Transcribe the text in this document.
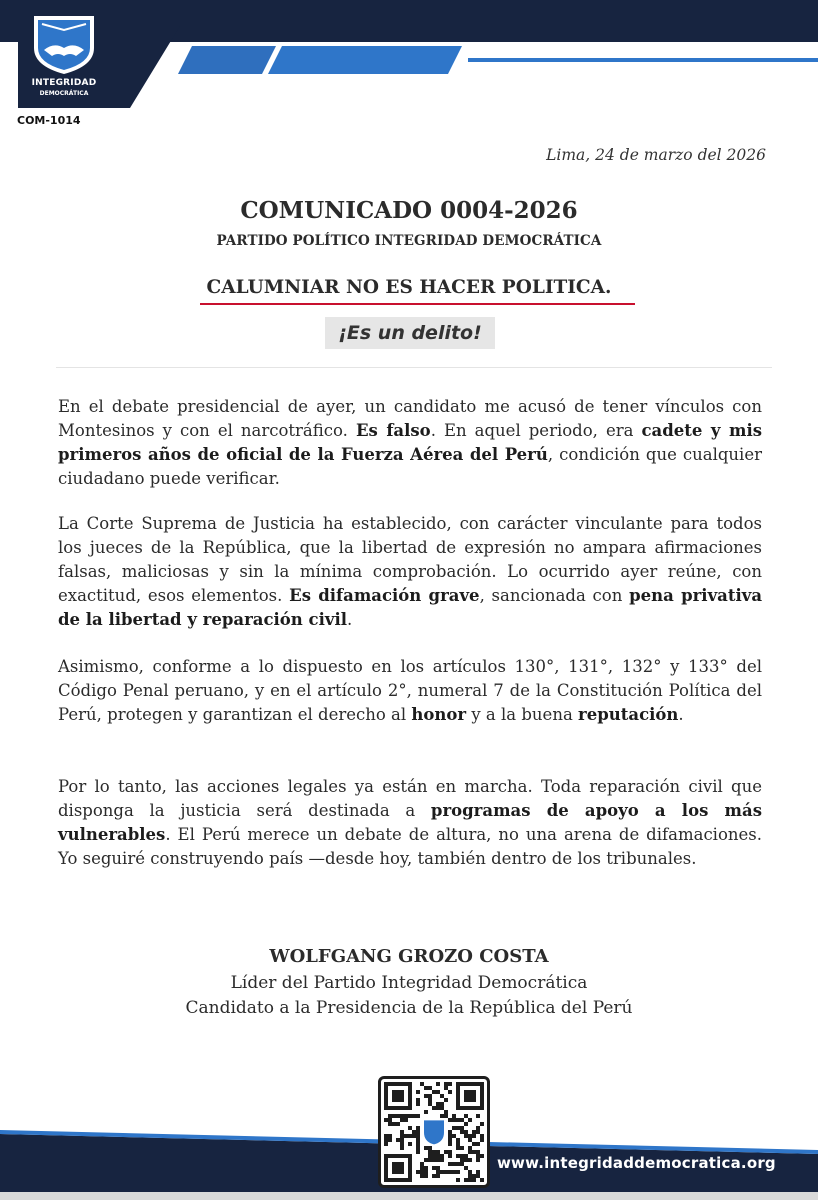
INTEGRIDAD
DEMOCRÁTICA
COM-1014
Lima, 24 de marzo del 2026
COMUNICADO 0004-2026
PARTIDO POLÍTICO INTEGRIDAD DEMOCRÁTICA
CALUMNIAR NO ES HACER POLITICA.
¡Es un delito!

En el debate presidencial de ayer, un candidato me acusó de tener vínculos con Montesinos y con el narcotráfico. Es falso. En aquel periodo, era cadete y mis primeros años de oficial de la Fuerza Aérea del Perú, condición que cualquier ciudadano puede verificar.

La Corte Suprema de Justicia ha establecido, con carácter vinculante para todos los jueces de la República, que la libertad de expresión no ampara afirmaciones falsas, maliciosas y sin la mínima comprobación. Lo ocurrido ayer reúne, con exactitud, esos elementos. Es difamación grave, sancionada con pena privativa de la libertad y reparación civil.

Asimismo, conforme a lo dispuesto en los artículos 130°, 131°, 132° y 133° del Código Penal peruano, y en el artículo 2°, numeral 7 de la Constitución Política del Perú, protegen y garantizan el derecho al honor y a la buena reputación.

Por lo tanto, las acciones legales ya están en marcha. Toda reparación civil que disponga la justicia será destinada a programas de apoyo a los más vulnerables. El Perú merece un debate de altura, no una arena de difamaciones. Yo seguiré construyendo país —desde hoy, también dentro de los tribunales.

WOLFGANG GROZO COSTA
Líder del Partido Integridad Democrática
Candidato a la Presidencia de la República del Perú
www.integridaddemocratica.org
